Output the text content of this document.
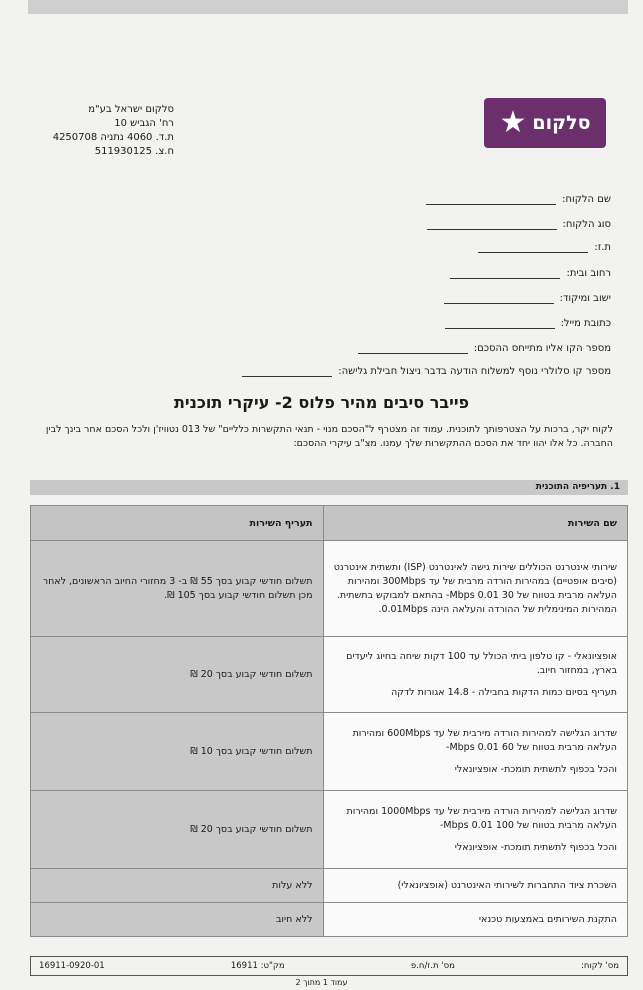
סלקום
★
סלקום ישראל בע"מ
רח' הגביש 10
ת.ד. 4060 נתניה 4250708
ח.צ. 511930125
שם הלקוח:
סוג הלקוח:
ת.ז:
רחוב ובית:
ישוב ומיקוד:
כתובת מייל:
מספר הקו אליו מתייחס ההסכם:
מספר קו סלולרי נוסף למשלוח הודעה בדבר ניצול חבילת גלישה:
פייבר סיבים מהיר פלוס 2- עיקרי תוכנית
לקוח יקר, ברכות על הצטרפותך לתוכנית. עמוד זה מצטרף ל"הסכם מנוי - תנאי התקשרות כלליים" של 013 נטוויז'ן ולכל הסכם אחר בינך לבין החברה. כל אלו יהוו יחד את הסכם ההתקשרות שלך עמנו. מצ"ב עיקרי ההסכם:
1. תעריפיה התוכנית
שם השירות	תעריף השירות

שירותי אינטרנט הכוללים שירות גישה לאינטרנט (ISP) ותשתית אינטרנט (סיבים אופטיים) במהירות הורדה מרבית של עד 300Mbps ומהירות העלאה מרבית בטווח של 30 Mbps 0.01- בהתאם למבוקש בתשתית. המהירות המינימלית של ההורדה והעלאה הינה 0.01Mbps.	תשלום חודשי קבוע בסך 55 ₪ ב- 3 מחזורי החיוב הראשונים, לאחר מכן תשלום חודשי קבוע בסך 105 ₪.

אופציונאלי - קו טלפון ביתי הכולל עד 100 דקות שיחה בחיוג ליעדים בארץ, במחזור חיוב.
תעריף בסיום כמות הדקות בחבילה - 14.8 אגורות לדקה	תשלום חודשי קבוע בסך 20 ₪

שדרוג הגלישה למהירות הורדה מירבית של עד 600Mbps ומהירות העלאה מרבית בטווח של 60 Mbps 0.01-
והכל בכפוף לתשתית תומכת- אופציונאלי	תשלום חודשי קבוע בסך 10 ₪

שדרוג הגלישה למהירות הורדה מירבית של עד 1000Mbps ומהירות העלאה מרבית בטווח של 100 Mbps 0.01-
והכל בכפוף לתשתית תומכת- אופציונאלי	תשלום חודשי קבוע בסך 20 ₪

השכרת ציוד התחברות לשירותי האינטרנט (אופציונאלי)	ללא עלות

התקנת השירותים באמצעות טכנאי	ללא חיוב
מס' לקוח:
מס' ת.ז/ח.פ
מק"ט: 16911
16911-0920-01
עמוד 1 מתוך 2
